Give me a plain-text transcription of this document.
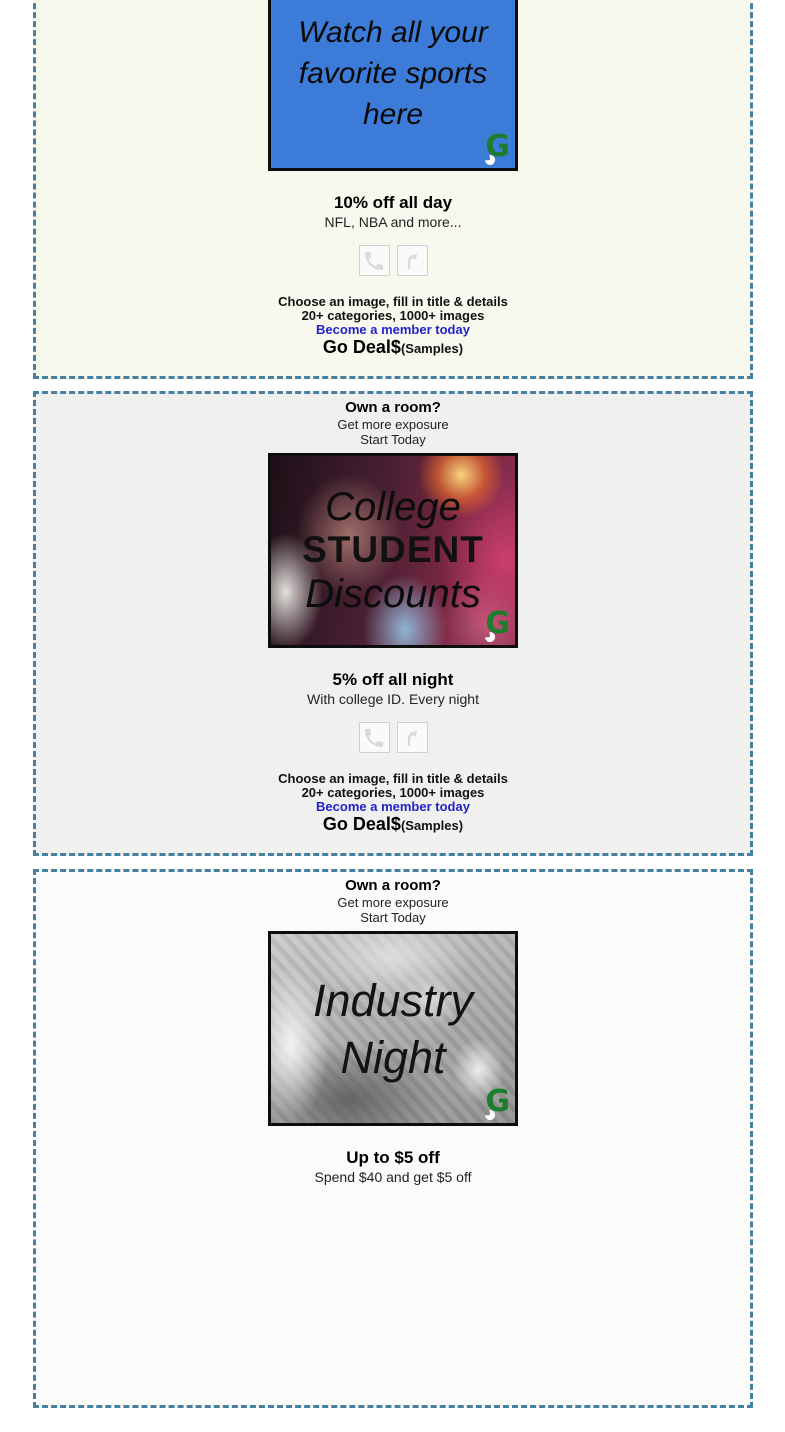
Watch all your
favorite sports
here
G
10% off all day
NFL, NBA and more...
Choose an image, fill in title & details
20+ categories, 1000+ images
Become a member today
Go Deal$(Samples)
Own a room?
Get more exposure
Start Today
College
STUDENT
Discounts
G
5% off all night
With college ID. Every night
Choose an image, fill in title & details
20+ categories, 1000+ images
Become a member today
Go Deal$(Samples)
Own a room?
Get more exposure
Start Today
Industry
Night
G
Up to $5 off
Spend $40 and get $5 off
